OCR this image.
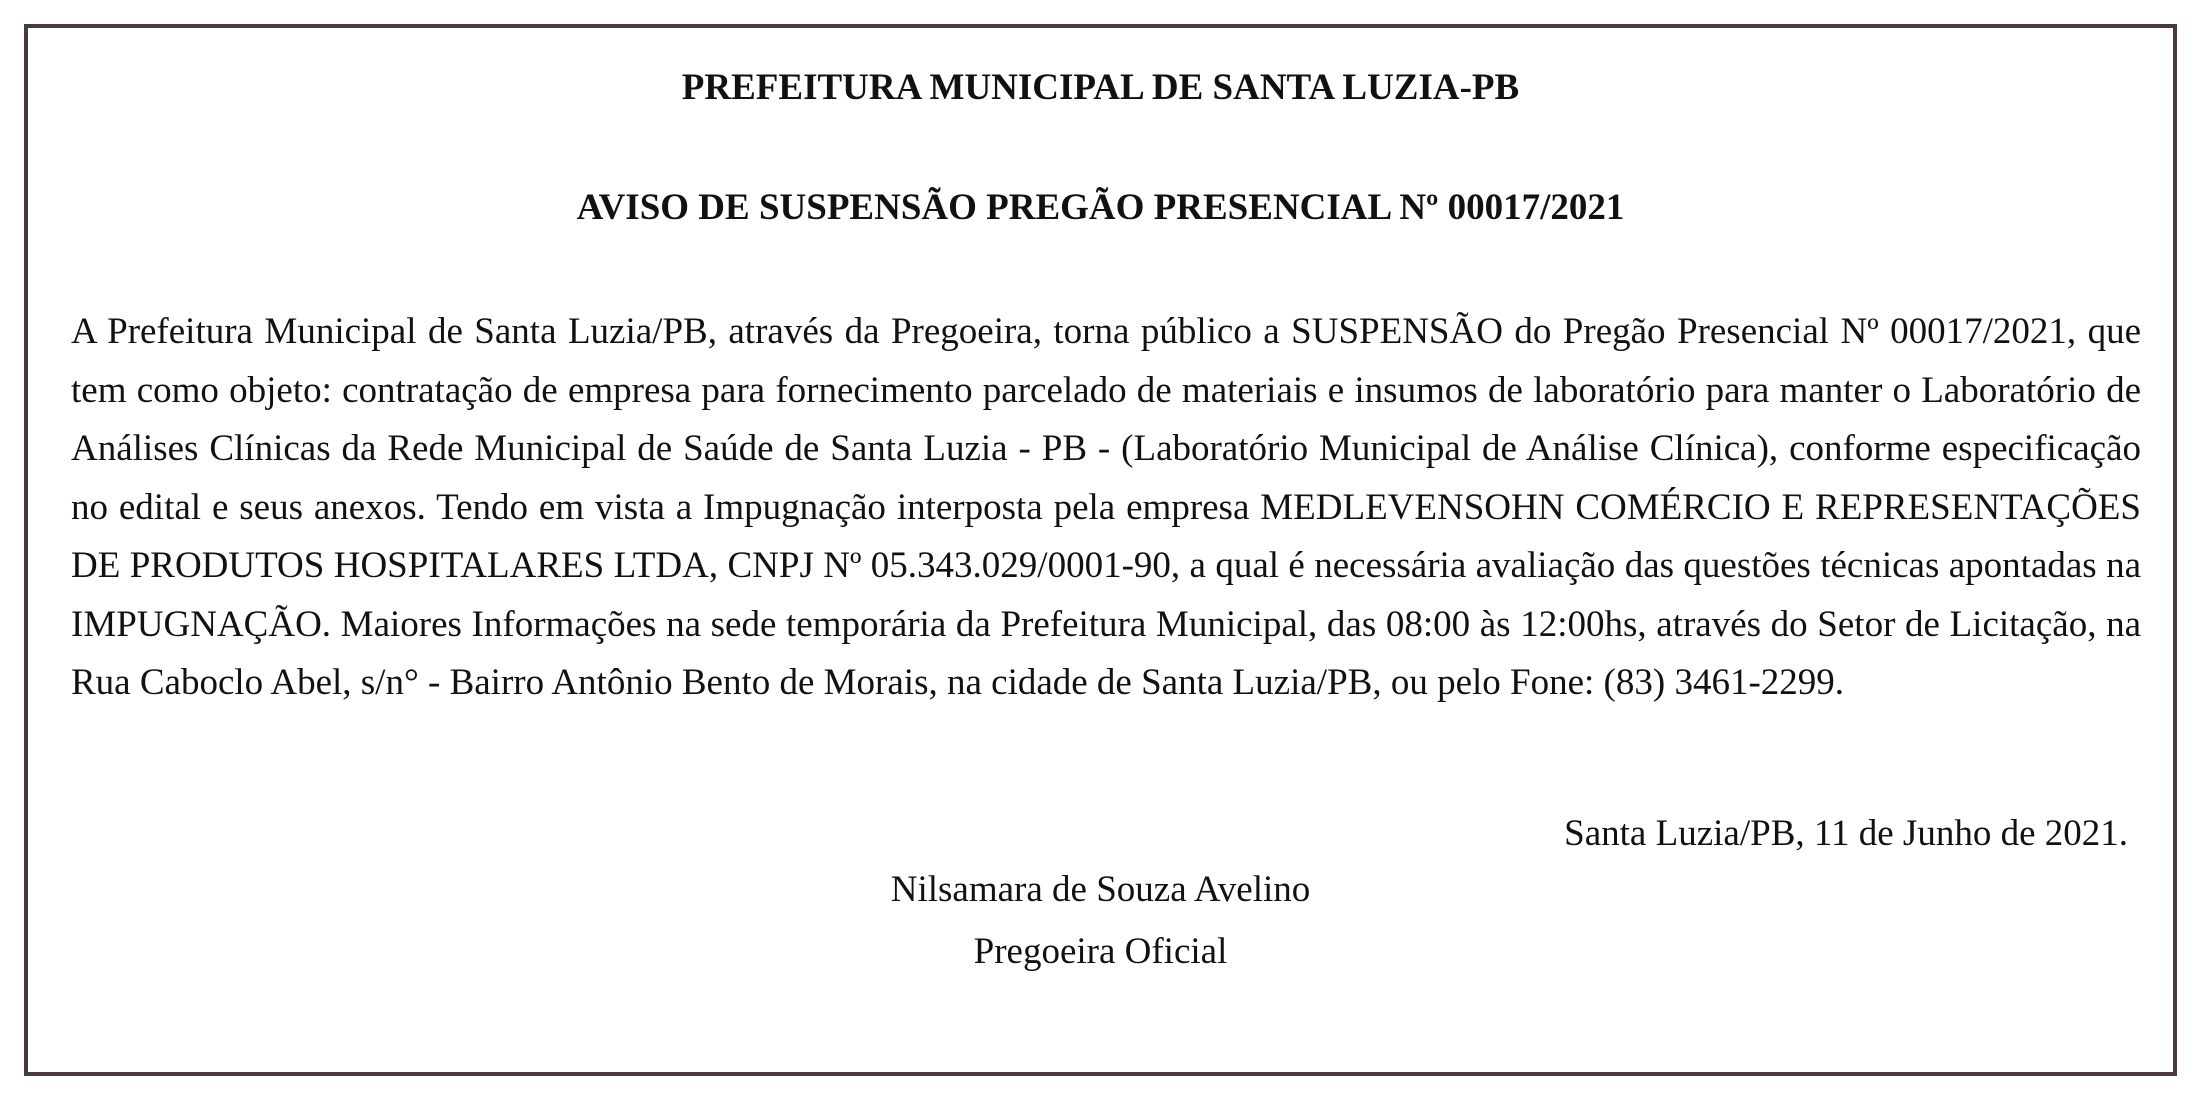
PREFEITURA MUNICIPAL DE SANTA LUZIA-PB
AVISO DE SUSPENSÃO PREGÃO PRESENCIAL Nº 00017/2021

A Prefeitura Municipal de Santa Luzia/PB, através da Pregoeira, torna público a SUSPENSÃO do Pregão Presencial Nº 00017/2021, que tem como objeto: contratação de empresa para fornecimento parcelado de materiais e insumos de laboratório para manter o Laboratório de Análises Clínicas da Rede Municipal de Saúde de Santa Luzia - PB - (Laboratório Municipal de Análise Clínica), conforme especificação no edital e seus anexos. Tendo em vista a Impugnação interposta pela empresa MEDLEVENSOHN COMÉRCIO E REPRESENTAÇÕES DE PRODUTOS HOSPITALARES LTDA, CNPJ Nº 05.343.029/0001-90, a qual é necessária avaliação das questões técnicas apontadas na IMPUGNAÇÃO. Maiores Informações na sede temporária da Prefeitura Municipal, das 08:00 às 12:00hs, através do Setor de Licitação, na Rua Caboclo Abel, s/n° - Bairro Antônio Bento de Morais, na cidade de Santa Luzia/PB, ou pelo Fone: (83) 3461-2299.

Santa Luzia/PB, 11 de Junho de 2021.

Nilsamara de Souza Avelino

Pregoeira Oficial
